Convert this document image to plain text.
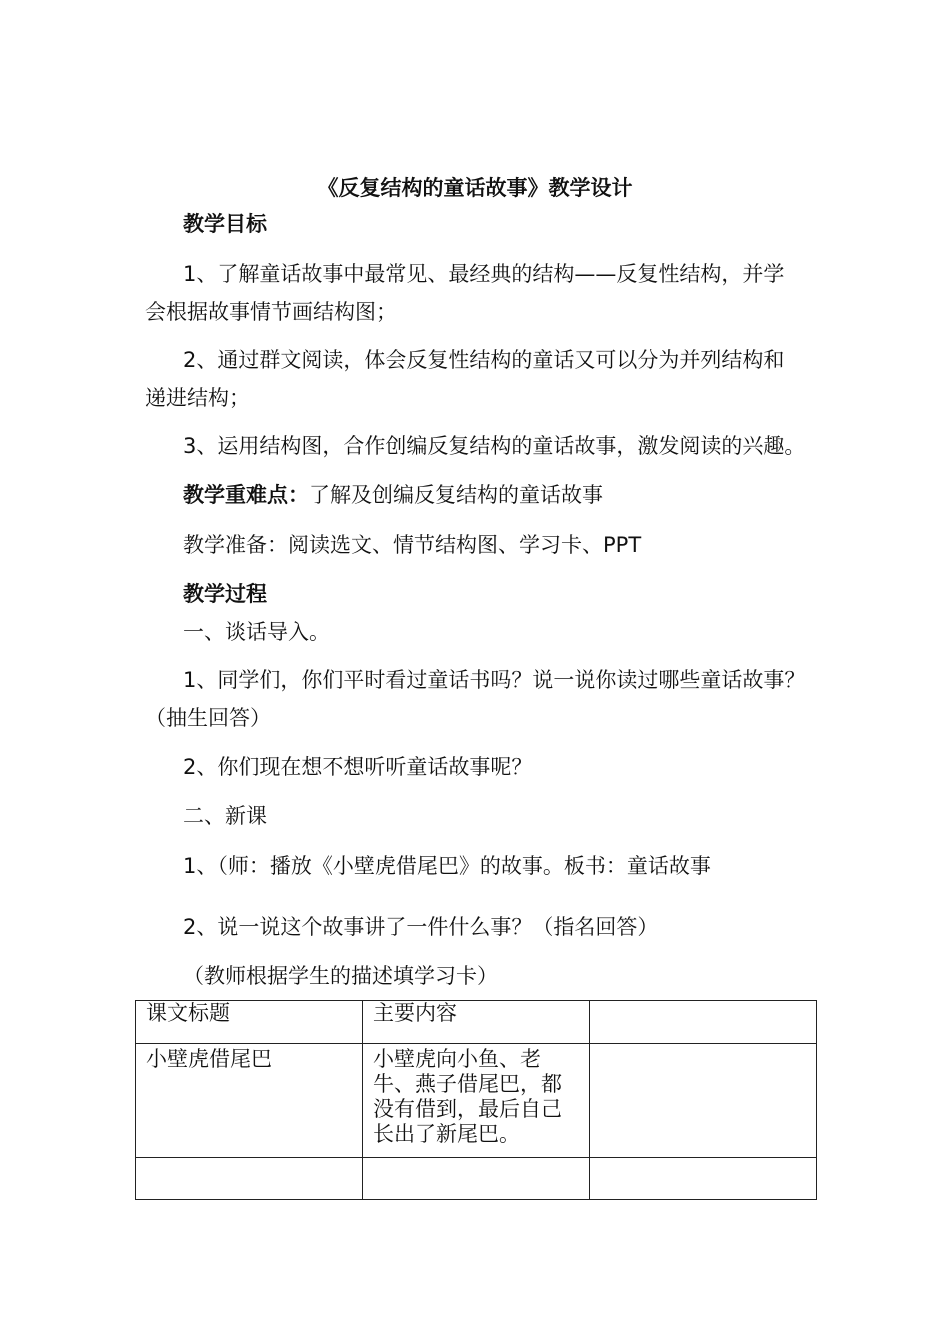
《反复结构的童话故事》教学设计
教学目标
1、了解童话故事中最常见、最经典的结构——反复性结构，并学
会根据故事情节画结构图；
2、通过群文阅读，体会反复性结构的童话又可以分为并列结构和
递进结构；
3、运用结构图，合作创编反复结构的童话故事，激发阅读的兴趣。
教学重难点：了解及创编反复结构的童话故事
教学准备：阅读选文、情节结构图、学习卡、PPT
教学过程
一、谈话导入。
1、同学们，你们平时看过童话书吗？说一说你读过哪些童话故事？
（抽生回答）
2、你们现在想不想听听童话故事呢？
二、新课
1、（师：播放《小壁虎借尾巴》的故事。板书：童话故事
2、说一说这个故事讲了一件什么事？（指名回答）
（教师根据学生的描述填学习卡）
课文标题	主要内容	
小壁虎借尾巴	小壁虎向小鱼、老牛、燕子借尾巴，都没有借到，最后自己长出了新尾巴。	
